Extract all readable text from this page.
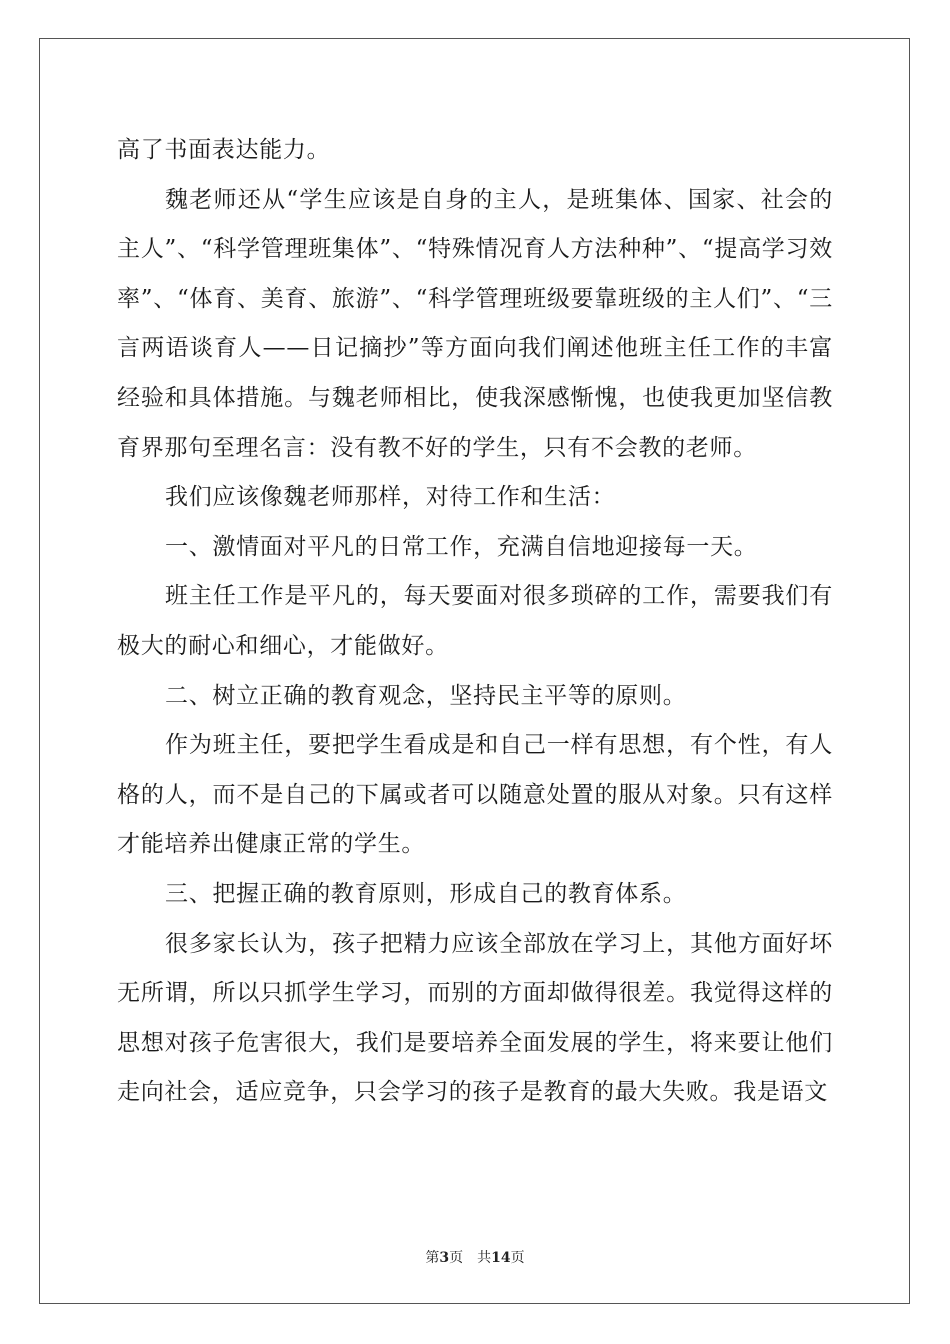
高了书面表达能力。

魏老师还从“学生应该是自身的主人，是班集体、国家、社会的主人”、“科学管理班集体”、“特殊情况育人方法种种”、“提高学习效率”、“体育、美育、旅游”、“科学管理班级要靠班级的主人们”、“三言两语谈育人——日记摘抄”等方面向我们阐述他班主任工作的丰富经验和具体措施。与魏老师相比，使我深感惭愧，也使我更加坚信教育界那句至理名言：没有教不好的学生，只有不会教的老师。

我们应该像魏老师那样，对待工作和生活：

一、激情面对平凡的日常工作，充满自信地迎接每一天。

班主任工作是平凡的，每天要面对很多琐碎的工作，需要我们有极大的耐心和细心，才能做好。

二、树立正确的教育观念，坚持民主平等的原则。

作为班主任，要把学生看成是和自己一样有思想，有个性，有人格的人，而不是自己的下属或者可以随意处置的服从对象。只有这样才能培养出健康正常的学生。

三、把握正确的教育原则，形成自己的教育体系。

很多家长认为，孩子把精力应该全部放在学习上，其他方面好坏无所谓，所以只抓学生学习，而别的方面却做得很差。我觉得这样的思想对孩子危害很大，我们是要培养全面发展的学生，将来要让他们走向社会，适应竞争，只会学习的孩子是教育的最大失败。我是语文

第3页 共14页
